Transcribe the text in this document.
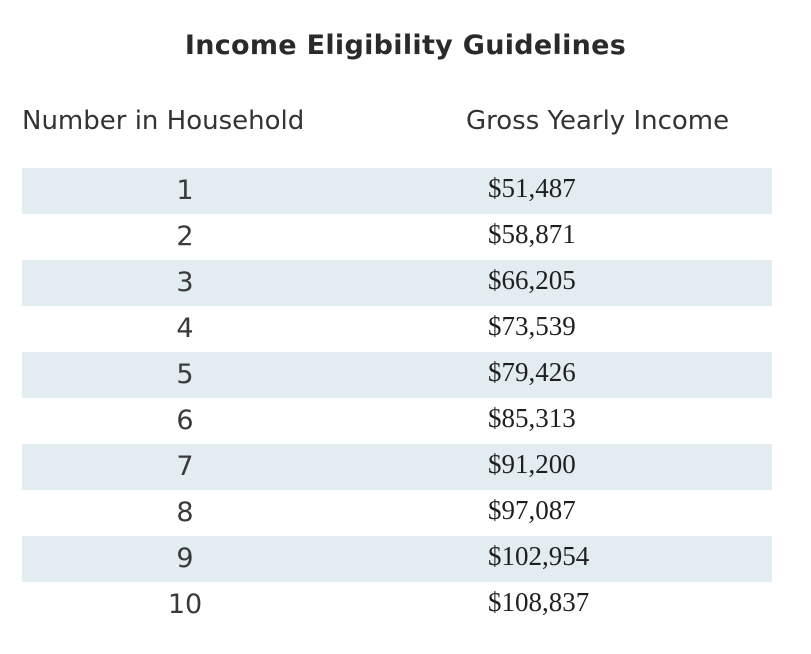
Income Eligibility Guidelines
Number in Household	Gross Yearly Income
1	$51,487
2	$58,871
3	$66,205
4	$73,539
5	$79,426
6	$85,313
7	$91,200
8	$97,087
9	$102,954
10	$108,837
